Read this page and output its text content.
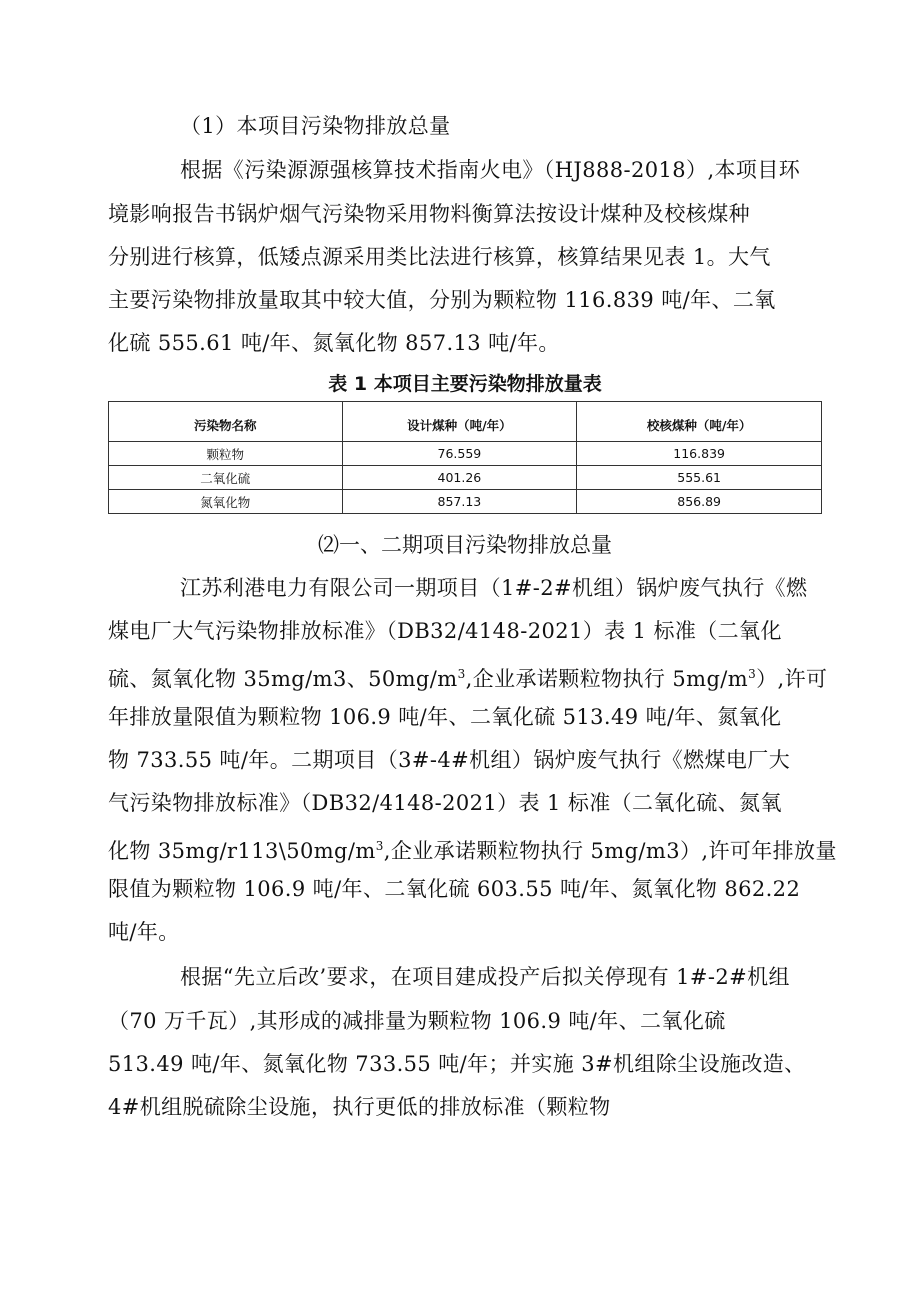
（1）本项目污染物排放总量
根据《污染源源强核算技术指南火电》（HJ888-2018）,本项目环
境影响报告书锅炉烟气污染物采用物料衡算法按设计煤种及校核煤种
分别进行核算，低矮点源采用类比法进行核算，核算结果见表 1。大气
主要污染物排放量取其中较大值，分别为颗粒物 116.839 吨/年、二氧
化硫 555.61 吨/年、氮氧化物 857.13 吨/年。
表 1 本项目主要污染物排放量表
污染物名称	设计煤种（吨/年）	校核煤种（吨/年）
颗粒物	76.559	116.839
二氧化硫	401.26	555.61
氮氧化物	857.13	856.89
⑵一、二期项目污染物排放总量
江苏利港电力有限公司一期项目（1#-2#机组）锅炉废气执行《燃
煤电厂大气污染物排放标准》（DB32/4148-2021）表 1 标准（二氧化
硫、氮氧化物 35mg/m3、$50mg/m^3$,企业承诺颗粒物执行 $5mg/m^3$）,许可
年排放量限值为颗粒物 106.9 吨/年、二氧化硫 513.49 吨/年、氮氧化
物 733.55 吨/年。二期项目（3#-4#机组）锅炉废气执行《燃煤电厂大
气污染物排放标准》（DB32/4148-2021）表 1 标准（二氧化硫、氮氧
化物 $35mg/r113\backslash 50mg/m^3$,企业承诺颗粒物执行 5mg/m3）,许可年排放量
限值为颗粒物 106.9 吨/年、二氧化硫 603.55 吨/年、氮氧化物 862.22
吨/年。
根据“先立后改’要求，在项目建成投产后拟关停现有 1#-2#机组
（70 万千瓦）,其形成的减排量为颗粒物 106.9 吨/年、二氧化硫
513.49 吨/年、氮氧化物 733.55 吨/年；并实施 3#机组除尘设施改造、
4#机组脱硫除尘设施，执行更低的排放标准（颗粒物
